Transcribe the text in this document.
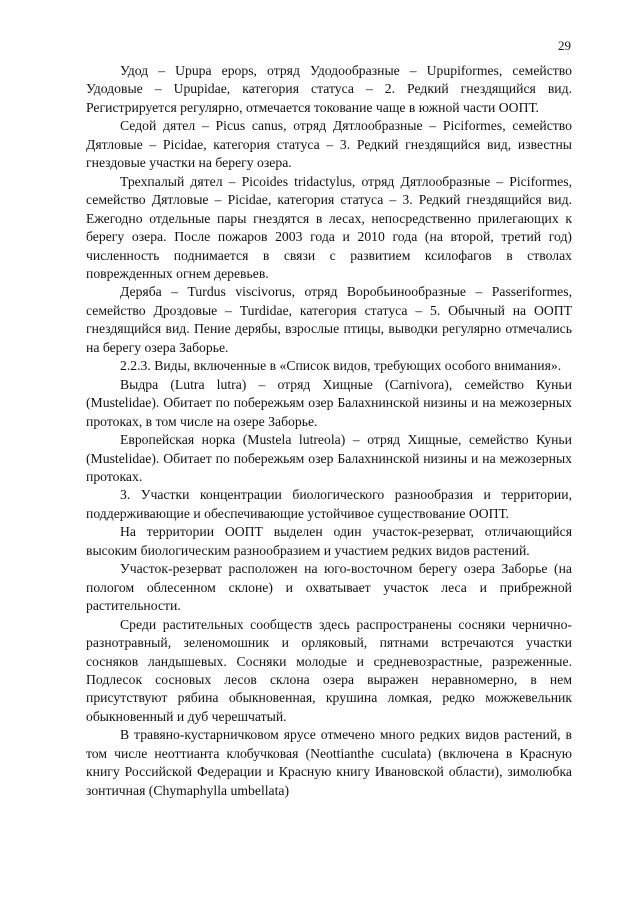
29

Удод – Upupa epops, отряд Удодообразные – Upupiformes, семейство Удодовые – Upupidae, категория статуса – 2. Редкий гнездящийся вид. Регистрируется регулярно, отмечается токование чаще в южной части ООПТ.

Седой дятел – Picus canus, отряд Дятлообразные – Piciformes, семейство Дятловые – Picidae, категория статуса – 3. Редкий гнездящийся вид, известны гнездовые участки на берегу озера.

Трехпалый дятел – Picoides tridactylus, отряд Дятлообразные – Piciformes, семейство Дятловые – Picidae, категория статуса – 3. Редкий гнездящийся вид. Ежегодно отдельные пары гнездятся в лесах, непосредственно прилегающих к берегу озера. После пожаров 2003 года и 2010 года (на второй, третий год) численность поднимается в связи с развитием ксилофагов в стволах поврежденных огнем деревьев.

Деряба – Turdus viscivorus, отряд Воробьинообразные – Passeriformes, семейство Дроздовые – Turdidae, категория статуса – 5. Обычный на ООПТ гнездящийся вид. Пение дерябы, взрослые птицы, выводки регулярно отмечались на берегу озера Заборье.

2.2.3. Виды, включенные в «Список видов, требующих особого внимания».

Выдра (Lutra lutra) – отряд Хищные (Carnivora), семейство Куньи (Mustelidae). Обитает по побережьям озер Балахнинской низины и на межозерных протоках, в том числе на озере Заборье.

Европейская норка (Mustela lutreola) – отряд Хищные, семейство Куньи (Mustelidae). Обитает по побережьям озер Балахнинской низины и на межозерных протоках.

3. Участки концентрации биологического разнообразия и территории, поддерживающие и обеспечивающие устойчивое существование ООПТ.

На территории ООПТ выделен один участок-резерват, отличающийся высоким биологическим разнообразием и участием редких видов растений.

Участок-резерват расположен на юго-восточном берегу озера Заборье (на пологом облесенном склоне) и охватывает участок леса и прибрежной растительности.

Среди растительных сообществ здесь распространены сосняки чернично-разнотравный, зеленомошник и орляковый, пятнами встречаются участки сосняков ландышевых. Сосняки молодые и средневозрастные, разреженные. Подлесок сосновых лесов склона озера выражен неравномерно, в нем присутствуют рябина обыкновенная, крушина ломкая, редко можжевельник обыкновенный и дуб черешчатый.

В травяно-кустарничковом ярусе отмечено много редких видов растений, в том числе неоттианта клобучковая (Neottianthe cuculata) (включена в Красную книгу Российской Федерации и Красную книгу Ивановской области), зимолюбка зонтичная (Chymaphylla umbellata)
